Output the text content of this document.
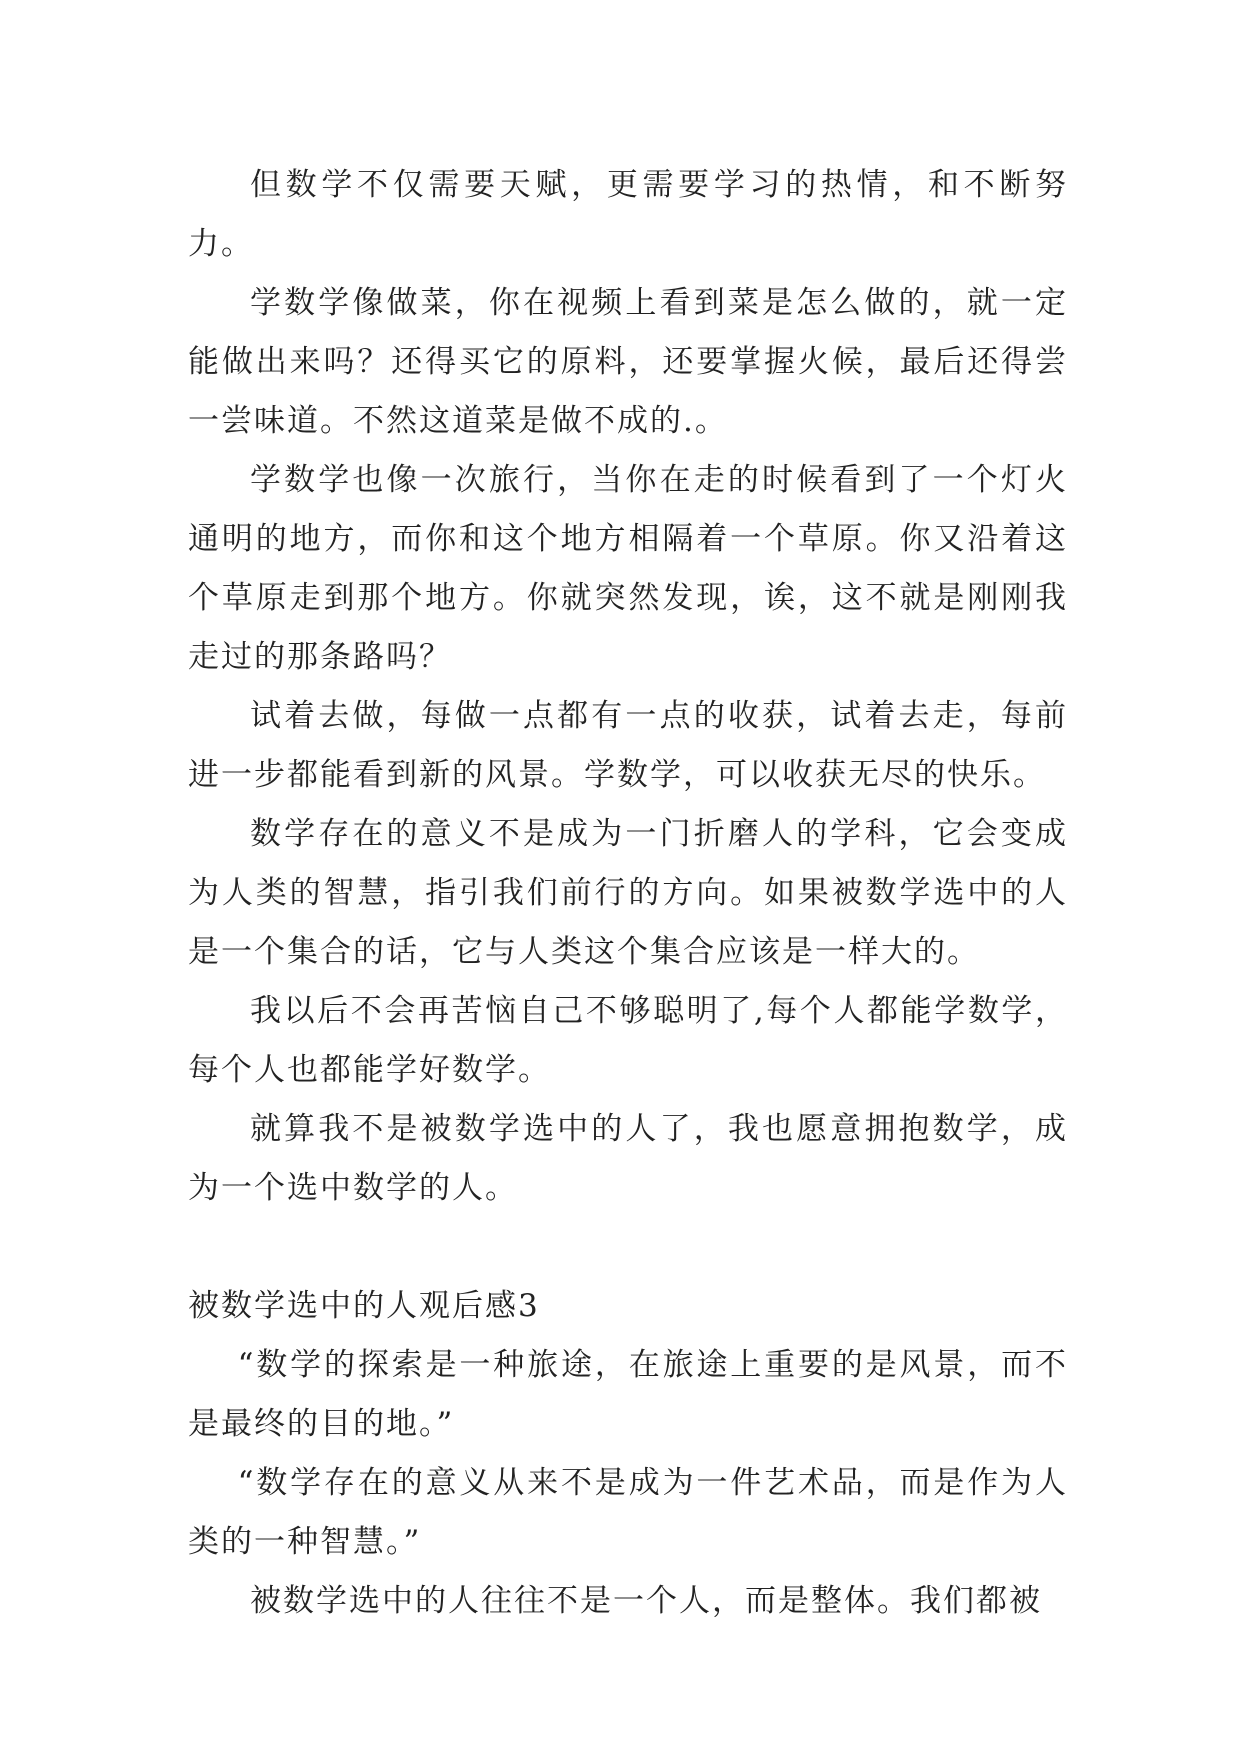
但数学不仅需要天赋，更需要学习的热情，和不断努力。

学数学像做菜，你在视频上看到菜是怎么做的，就一定能做出来吗？还得买它的原料，还要掌握火候，最后还得尝一尝味道。不然这道菜是做不成的.。

学数学也像一次旅行，当你在走的时候看到了一个灯火通明的地方，而你和这个地方相隔着一个草原。你又沿着这个草原走到那个地方。你就突然发现，诶，这不就是刚刚我走过的那条路吗？

试着去做，每做一点都有一点的收获，试着去走，每前进一步都能看到新的风景。学数学，可以收获无尽的快乐。

数学存在的意义不是成为一门折磨人的学科，它会变成为人类的智慧，指引我们前行的方向。如果被数学选中的人是一个集合的话，它与人类这个集合应该是一样大的。

我以后不会再苦恼自己不够聪明了,每个人都能学数学，每个人也都能学好数学。

就算我不是被数学选中的人了，我也愿意拥抱数学，成为一个选中数学的人。

被数学选中的人观后感3

“数学的探索是一种旅途，在旅途上重要的是风景，而不是最终的目的地。”

“数学存在的意义从来不是成为一件艺术品，而是作为人类的一种智慧。”

被数学选中的人往往不是一个人，而是整体。我们都被
